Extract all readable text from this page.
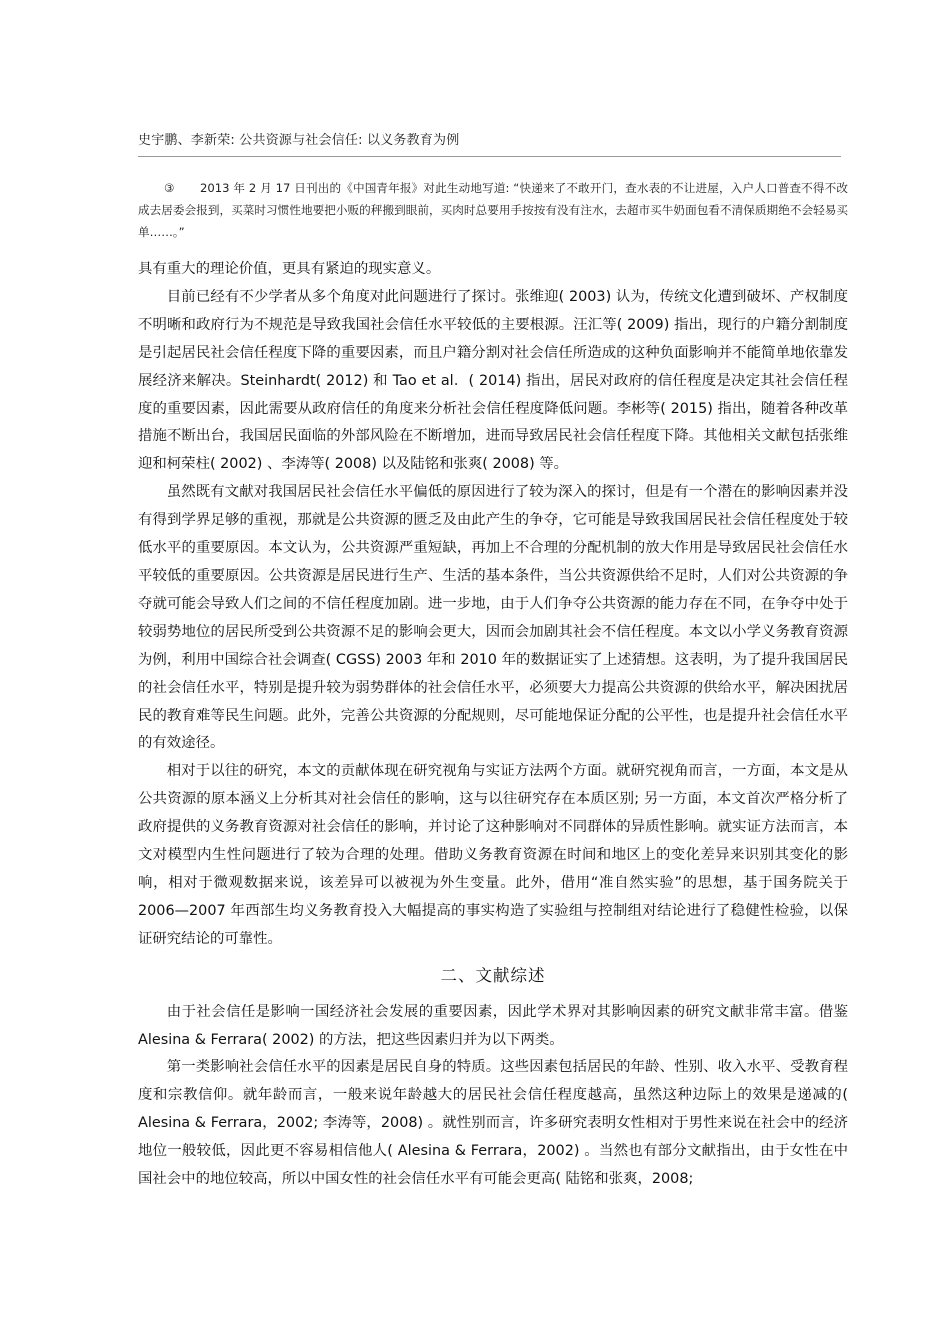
史宇鹏、李新荣: 公共资源与社会信任: 以义务教育为例
③ 2013 年 2 月 17 日刊出的《中国青年报》对此生动地写道: “快递来了不敢开门，查水表的不让进屋，入户人口普查不得不改成去居委会报到，买菜时习惯性地要把小贩的秤搬到眼前，买肉时总要用手按按有没有注水，去超市买牛奶面包看不清保质期绝不会轻易买单……。”

具有重大的理论价值，更具有紧迫的现实意义。

目前已经有不少学者从多个角度对此问题进行了探讨。张维迎( 2003) 认为，传统文化遭到破坏、产权制度不明晰和政府行为不规范是导致我国社会信任水平较低的主要根源。汪汇等( 2009) 指出，现行的户籍分割制度是引起居民社会信任程度下降的重要因素，而且户籍分割对社会信任所造成的这种负面影响并不能简单地依靠发展经济来解决。Steinhardt( 2012) 和 Tao et al．( 2014) 指出，居民对政府的信任程度是决定其社会信任程度的重要因素，因此需要从政府信任的角度来分析社会信任程度降低问题。李彬等( 2015) 指出，随着各种改革措施不断出台，我国居民面临的外部风险在不断增加，进而导致居民社会信任程度下降。其他相关文献包括张维迎和柯荣柱( 2002) 、李涛等( 2008) 以及陆铭和张爽( 2008) 等。

虽然既有文献对我国居民社会信任水平偏低的原因进行了较为深入的探讨，但是有一个潜在的影响因素并没有得到学界足够的重视，那就是公共资源的匮乏及由此产生的争夺，它可能是导致我国居民社会信任程度处于较低水平的重要原因。本文认为，公共资源严重短缺，再加上不合理的分配机制的放大作用是导致居民社会信任水平较低的重要原因。公共资源是居民进行生产、生活的基本条件，当公共资源供给不足时，人们对公共资源的争夺就可能会导致人们之间的不信任程度加剧。进一步地，由于人们争夺公共资源的能力存在不同，在争夺中处于较弱势地位的居民所受到公共资源不足的影响会更大，因而会加剧其社会不信任程度。本文以小学义务教育资源为例，利用中国综合社会调查( CGSS) 2003 年和 2010 年的数据证实了上述猜想。这表明，为了提升我国居民的社会信任水平，特别是提升较为弱势群体的社会信任水平，必须要大力提高公共资源的供给水平，解决困扰居民的教育难等民生问题。此外，完善公共资源的分配规则，尽可能地保证分配的公平性，也是提升社会信任水平的有效途径。

相对于以往的研究，本文的贡献体现在研究视角与实证方法两个方面。就研究视角而言，一方面，本文是从公共资源的原本涵义上分析其对社会信任的影响，这与以往研究存在本质区别; 另一方面，本文首次严格分析了政府提供的义务教育资源对社会信任的影响，并讨论了这种影响对不同群体的异质性影响。就实证方法而言，本文对模型内生性问题进行了较为合理的处理。借助义务教育资源在时间和地区上的变化差异来识别其变化的影响，相对于微观数据来说，该差异可以被视为外生变量。此外，借用“准自然实验”的思想，基于国务院关于 2006—2007 年西部生均义务教育投入大幅提高的事实构造了实验组与控制组对结论进行了稳健性检验，以保证研究结论的可靠性。

二、文献综述

由于社会信任是影响一国经济社会发展的重要因素，因此学术界对其影响因素的研究文献非常丰富。借鉴 Alesina & Ferrara( 2002) 的方法，把这些因素归并为以下两类。

第一类影响社会信任水平的因素是居民自身的特质。这些因素包括居民的年龄、性别、收入水平、受教育程度和宗教信仰。就年龄而言，一般来说年龄越大的居民社会信任程度越高，虽然这种边际上的效果是递减的( Alesina & Ferrara，2002; 李涛等，2008) 。就性别而言，许多研究表明女性相对于男性来说在社会中的经济地位一般较低，因此更不容易相信他人( Alesina & Ferrara，2002) 。当然也有部分文献指出，由于女性在中国社会中的地位较高，所以中国女性的社会信任水平有可能会更高( 陆铭和张爽，2008;
